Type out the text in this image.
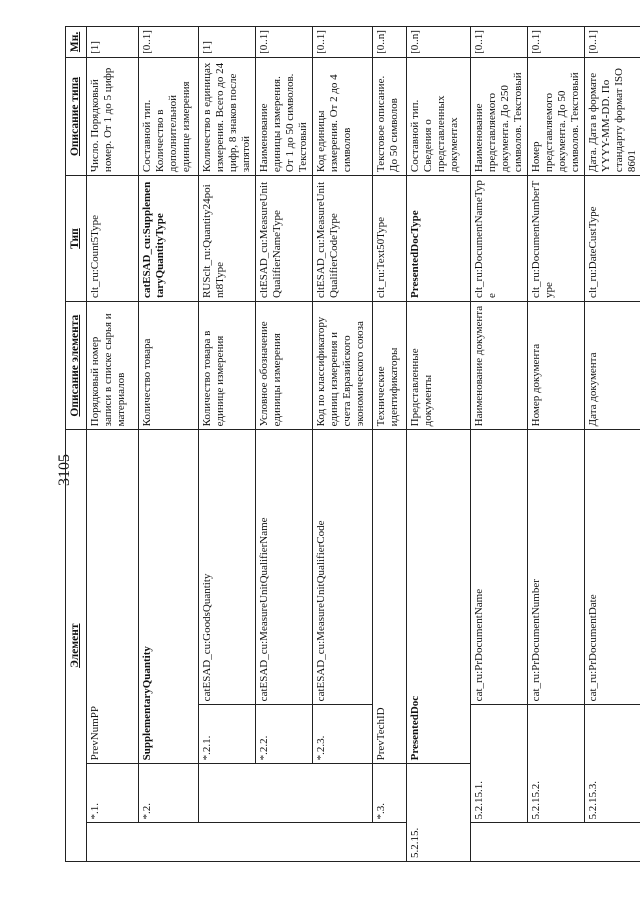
3105
Элемент				Описание элемента	Тип	Описание типа	Мн.
	*.1.	PrevNumPP		Порядковый номер записи в списке сырья и материалов	clt_ru:Count5Type	Число. Порядковый номер. От 1 до 5 цифр	[1]
	*.2.	SupplementaryQuantity		Количество товара	catESAD_cu:SupplementaryQuantityType	Составной тип. Количество в дополнительной единице измерения	[0..1]
		*.2.1.	catESAD_cu:GoodsQuantity	Количество товара в единице измерения	RUSclt_ru:Quantity24point8Type	Количество в единицах измерения. Всего до 24 цифр, 8 знаков после запятой	[1]
		*.2.2.	catESAD_cu:MeasureUnitQualifierName	Условное обозначение единицы измерения	cltESAD_cu:MeasureUnitQualifierNameType	Наименование единицы измерения. От 1 до 50 символов. Текстовый	[0..1]
		*.2.3.	catESAD_cu:MeasureUnitQualifierCode	Код по классификатору единиц измерения и счета Евразийского экономического союза	cltESAD_cu:MeasureUnitQualifierCodeType	Код единицы измерения. От 2 до 4 символов	[0..1]
	*.3.	PrevTechID		Технические идентификаторы	clt_ru:Text50Type	Текстовое описание. До 50 символов	[0..n]
5.2.15.		PresentedDoc		Представленные документы	PresentedDocType	Составной тип. Сведения о представленных документах	[0..n]
	5.2.15.1.		cat_ru:PrDocumentName	Наименование документа	clt_ru:DocumentNameType	Наименование представляемого документа. До 250 символов. Текстовый	[0..1]
	5.2.15.2.		cat_ru:PrDocumentNumber	Номер документа	clt_ru:DocumentNumberType	Номер представляемого документа. До 50 символов. Текстовый	[0..1]
	5.2.15.3.		cat_ru:PrDocumentDate	Дата документа	clt_ru:DateCustType	Дата. Дата в формате YYYY-MM-DD. По стандарту формат ISO 8601	[0..1]
